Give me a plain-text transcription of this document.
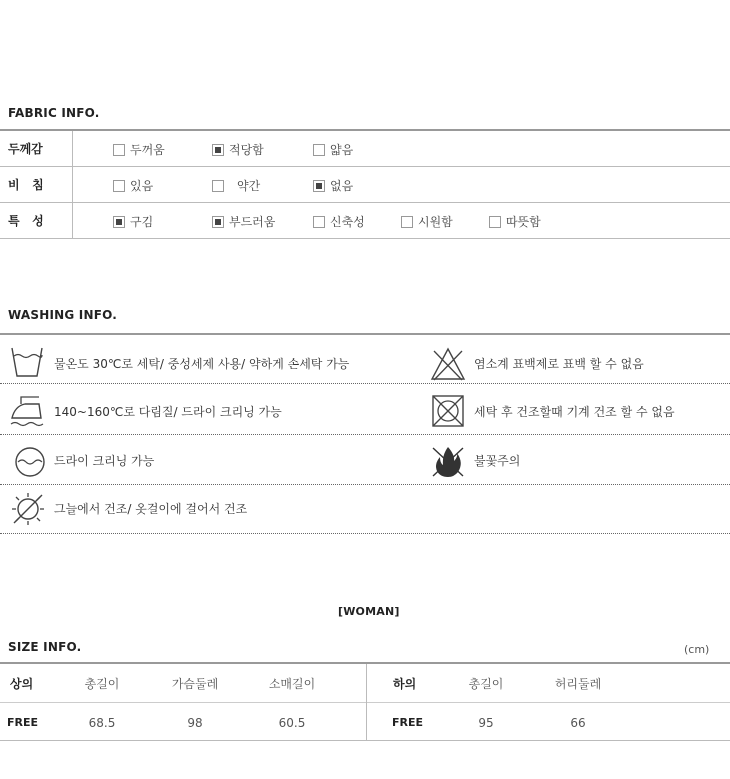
FABRIC INFO.
두께감	두꺼움	적당함	얇음
비   침	있음	약간	없음
특   성	구김	부드러움	신축성	시원함	따뜻함
WASHING INFO.
물온도 30℃로 세탁/ 중성세제 사용/ 약하게 손세탁 가능	염소계 표백제로 표백 할 수 없음
140~160℃로 다림질/ 드라이 크리닝 가능	세탁 후 건조할때 기계 건조 할 수 없음
드라이 크리닝 가능	불꽃주의
그늘에서 건조/ 옷걸이에 걸어서 건조
[WOMAN]
SIZE INFO.	(cm)
상의	총길이	가슴둘레	소매길이
FREE	68.5	98	60.5
하의	총길이	허리둘레
FREE	95	66
